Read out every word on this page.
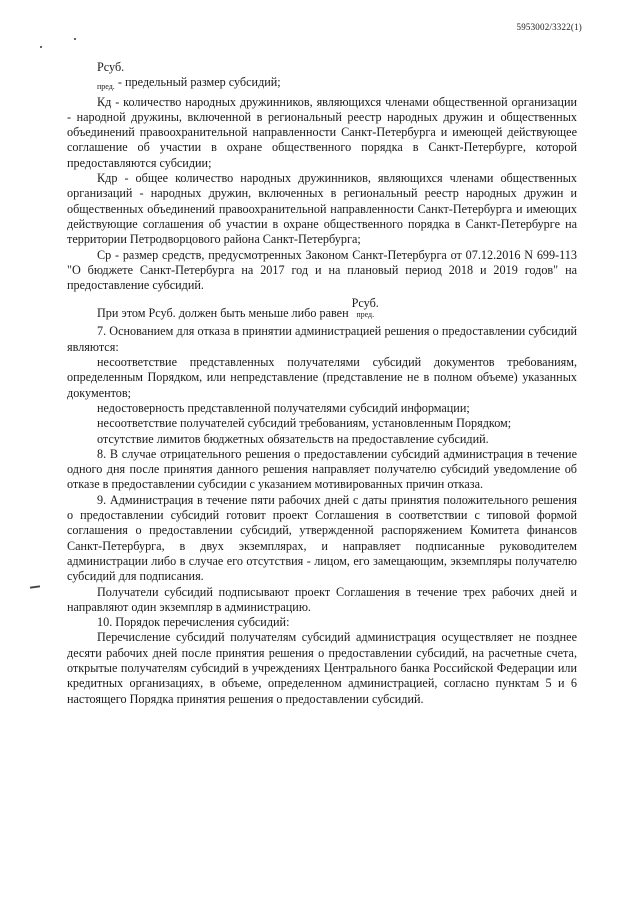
5953002/3322(1)
Рсуб.

$_{пред.}$ - предельный размер субсидий;

Кд - количество народных дружинников, являющихся членами общественной организации - народной дружины, включенной в региональный реестр народных дружин и общественных объединений правоохранительной направленности Санкт-Петербурга и имеющей действующее соглашение об участии в охране общественного порядка в Санкт-Петербурге, которой предоставляются субсидии;

Кдр - общее количество народных дружинников, являющихся членами общественных организаций - народных дружин, включенных в региональный реестр народных дружин и общественных объединений правоохранительной направленности Санкт-Петербурга и имеющих действующие соглашения об участии в охране общественного порядка в Санкт-Петербурге на территории Петродворцового района Санкт-Петербурга;

Ср - размер средств, предусмотренных Законом Санкт-Петербурга от 07.12.2016 N 699-113 "О бюджете Санкт-Петербурга на 2017 год и на плановый период 2018 и 2019 годов" на предоставление субсидий.

При этом Рсуб. должен быть меньше либо равен
Рсуб.
пред.

7. Основанием для отказа в принятии администрацией решения о предоставлении субсидий являются:

несоответствие представленных получателями субсидий документов требованиям, определенным Порядком, или непредставление (представление не в полном объеме) указанных документов;

недостоверность представленной получателями субсидий информации;

несоответствие получателей субсидий требованиям, установленным Порядком;

отсутствие лимитов бюджетных обязательств на предоставление субсидий.

8. В случае отрицательного решения о предоставлении субсидий администрация в течение одного дня после принятия данного решения направляет получателю субсидий уведомление об отказе в предоставлении субсидии с указанием мотивированных причин отказа.

9. Администрация в течение пяти рабочих дней с даты принятия положительного решения о предоставлении субсидий готовит проект Соглашения в соответствии с типовой формой соглашения о предоставлении субсидий, утвержденной распоряжением Комитета финансов Санкт-Петербурга, в двух экземплярах, и направляет подписанные руководителем администрации либо в случае его отсутствия - лицом, его замещающим, экземпляры получателю субсидий для подписания.

Получатели субсидий подписывают проект Соглашения в течение трех рабочих дней и направляют один экземпляр в администрацию.

10. Порядок перечисления субсидий:

Перечисление субсидий получателям субсидий администрация осуществляет не позднее десяти рабочих дней после принятия решения о предоставлении субсидий, на расчетные счета, открытые получателям субсидий в учреждениях Центрального банка Российской Федерации или кредитных организациях, в объеме, определенном администрацией, согласно пунктам 5 и 6 настоящего Порядка принятия решения о предоставлении субсидий.
